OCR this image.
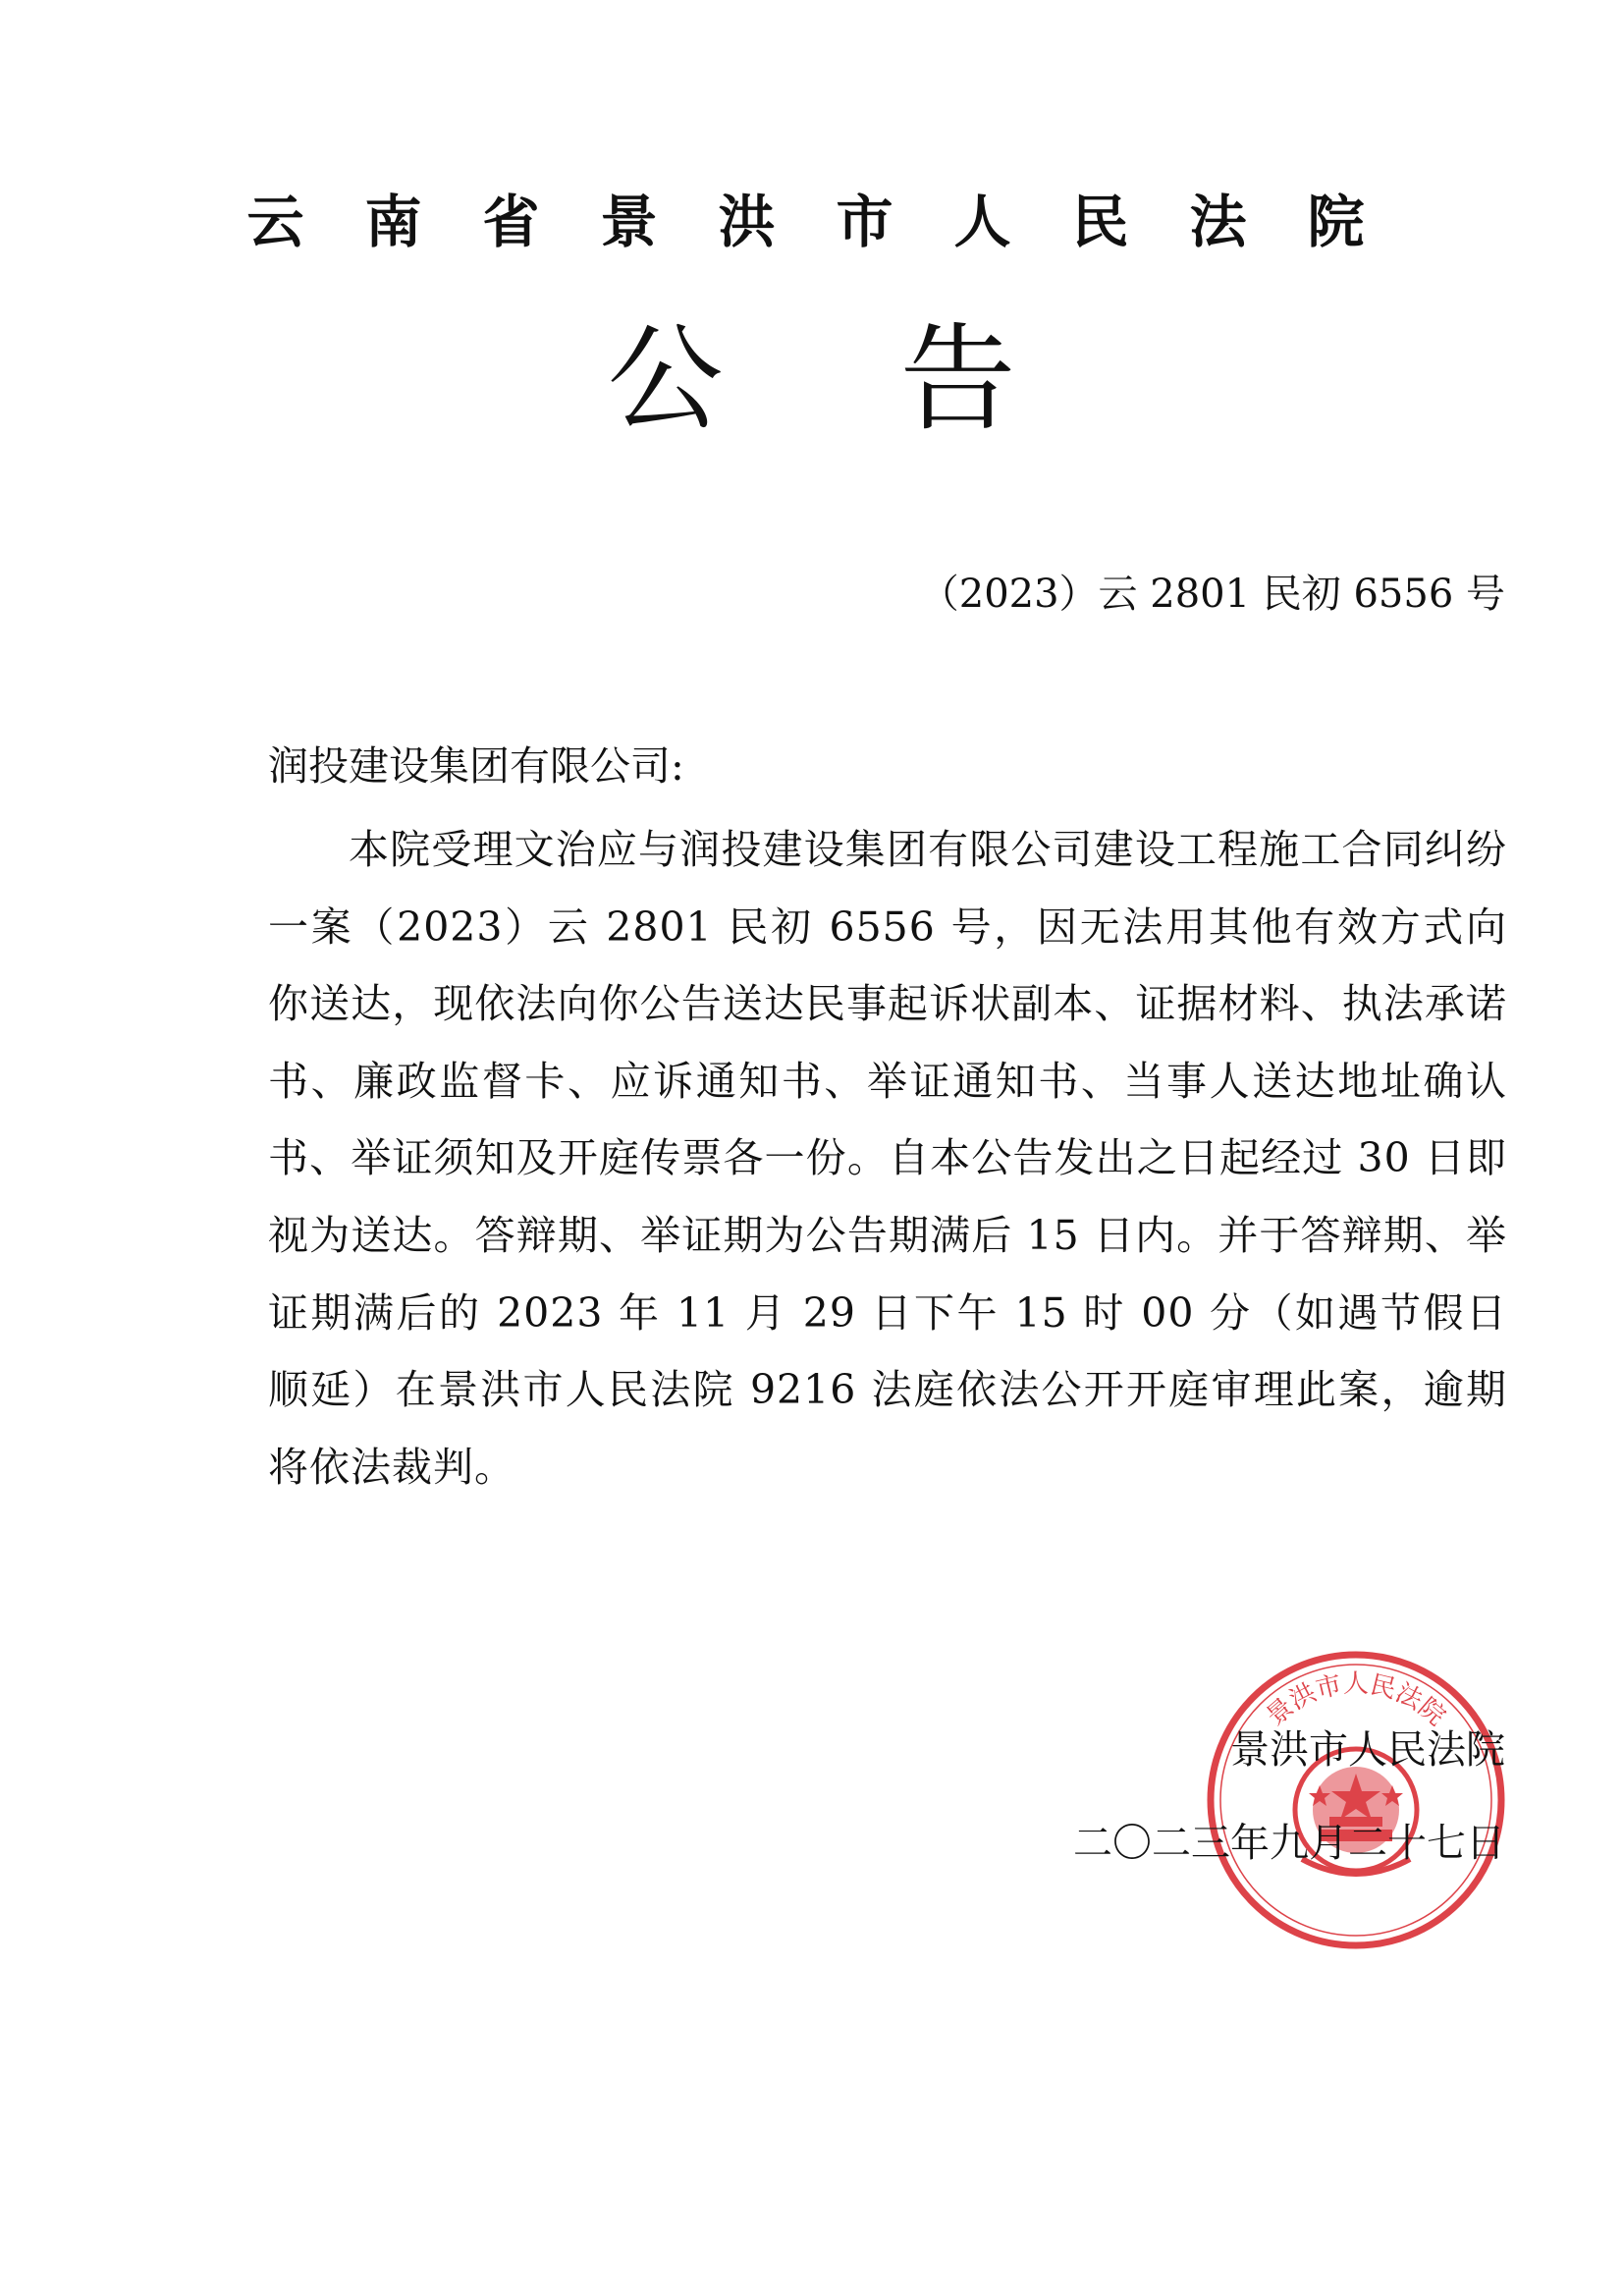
云南省景洪市人民法院
公告
（2023）云 2801 民初 6556 号
润投建设集团有限公司:
本院受理文治应与润投建设集团有限公司建设工程施工合同纠纷一案（2023）云 2801 民初 6556 号，因无法用其他有效方式向你送达，现依法向你公告送达民事起诉状副本、证据材料、执法承诺书、廉政监督卡、应诉通知书、举证通知书、当事人送达地址确认书、举证须知及开庭传票各一份。自本公告发出之日起经过 30 日即视为送达。答辩期、举证期为公告期满后 15 日内。并于答辩期、举证期满后的 2023 年 11 月 29 日下午 15 时 00 分（如遇节假日顺延）在景洪市人民法院 9216 法庭依法公开开庭审理此案，逾期将依法裁判。
景洪市人民法院
景洪市人民法院
二〇二三年九月二十七日
